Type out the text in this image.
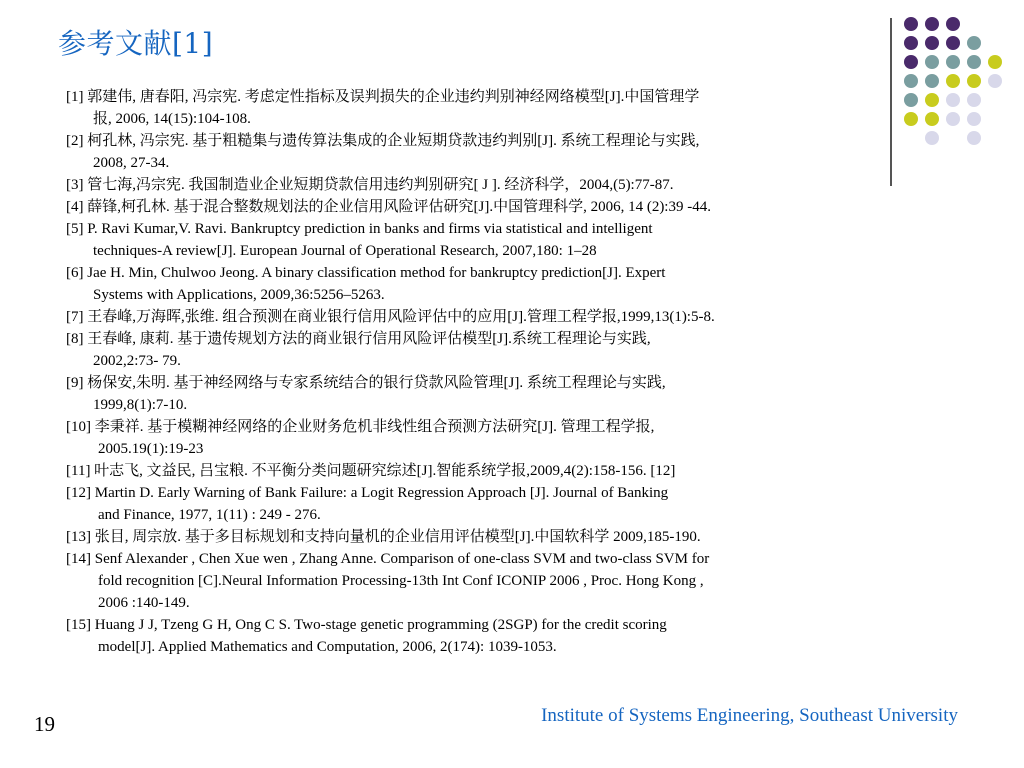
参考文献[1]
[1] 郭建伟, 唐春阳, 冯宗宪. 考虑定性指标及误判损失的企业违约判别神经网络模型[J].中国管理学
报, 2006, 14(15):104-108.
[2] 柯孔林, 冯宗宪. 基于粗糙集与遗传算法集成的企业短期贷款违约判别[J]. 系统工程理论与实践,
2008, 27-34.
[3] 管七海,冯宗宪. 我国制造业企业短期贷款信用违约判别研究[ J ]. 经济科学，2004,(5):77-87.
[4] 薛锋,柯孔林. 基于混合整数规划法的企业信用风险评估研究[J].中国管理科学, 2006, 14 (2):39 -44.
[5] P. Ravi Kumar,V. Ravi. Bankruptcy prediction in banks and firms via statistical and intelligent
techniques-A review[J]. European Journal of Operational Research, 2007,180: 1–28
[6] Jae H. Min, Chulwoo Jeong. A binary classification method for bankruptcy prediction[J]. Expert
Systems with Applications, 2009,36:5256–5263.
[7] 王春峰,万海晖,张维. 组合预测在商业银行信用风险评估中的应用[J].管理工程学报,1999,13(1):5-8.
[8] 王春峰, 康莉. 基于遗传规划方法的商业银行信用风险评估模型[J].系统工程理论与实践,
2002,2:73- 79.
[9] 杨保安,朱明. 基于神经网络与专家系统结合的银行贷款风险管理[J]. 系统工程理论与实践,
1999,8(1):7-10.
[10] 李秉祥. 基于模糊神经网络的企业财务危机非线性组合预测方法研究[J]. 管理工程学报,
2005.19(1):19-23
[11] 叶志飞, 文益民, 吕宝粮. 不平衡分类问题研究综述[J].智能系统学报,2009,4(2):158-156. [12]
[12] Martin D. Early Warning of Bank Failure: a Logit Regression Approach [J]. Journal of Banking
and Finance, 1977, 1(11) : 249 - 276.
[13] 张目, 周宗放. 基于多目标规划和支持向量机的企业信用评估模型[J].中国软科学 2009,185-190.
[14] Senf Alexander , Chen Xue wen , Zhang Anne. Comparison of one-class SVM and two-class SVM for
fold recognition [C].Neural Information Processing-13th Int Conf ICONIP 2006 , Proc. Hong Kong ,
2006 :140-149.
[15] Huang J J, Tzeng G H, Ong C S. Two-stage genetic programming (2SGP) for the credit scoring
model[J]. Applied Mathematics and Computation, 2006, 2(174): 1039-1053.
Institute of Systems Engineering, Southeast University
19
